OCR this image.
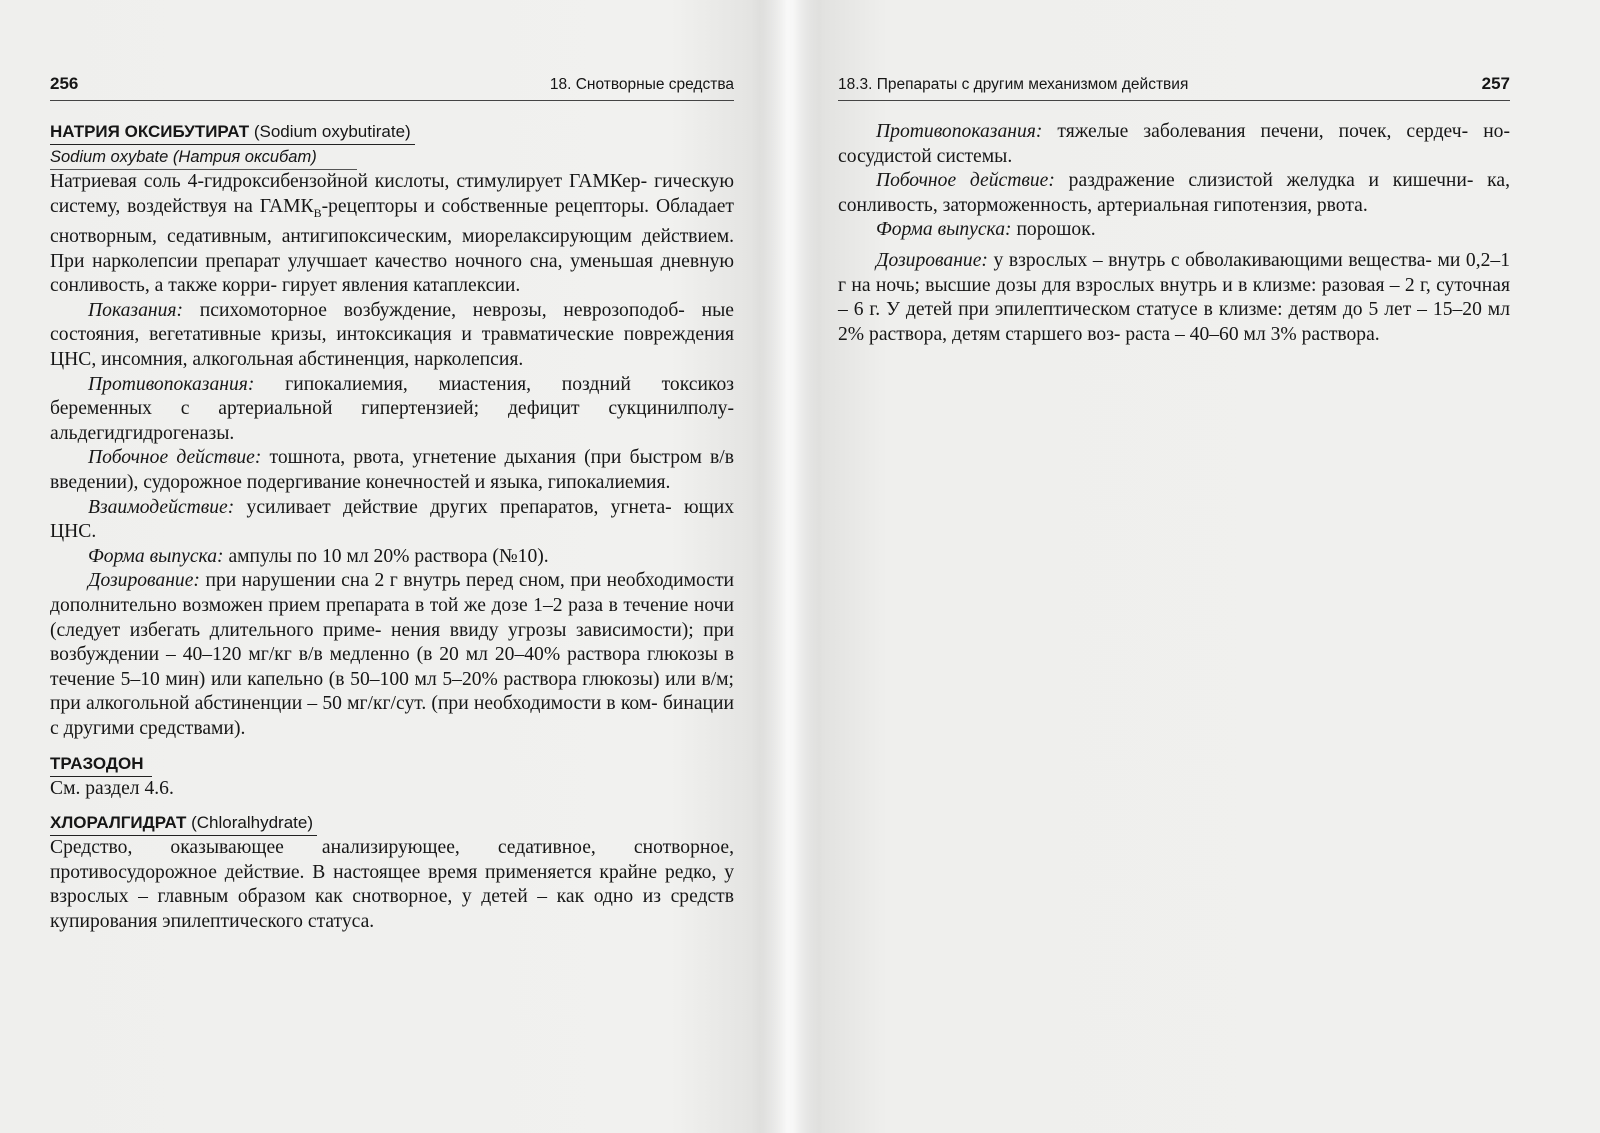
256	18. Снотворные средства

НАТРИЯ ОКСИБУТИРАТ (Sodium oxybutirate)

Sodium oxybate (Натрия оксибат)

Натриевая соль 4-гидроксибензойной кислоты, стимулирует ГАМКер- гическую систему, воздействуя на $ГАМК_B$-рецепторы и собственные рецепторы. Обладает снотворным, седативным, антигипоксическим, миорелаксирующим действием. При нарколепсии препарат улучшает качество ночного сна, уменьшая дневную сонливость, а также корри- гирует явления катаплексии.

Показания: психомоторное возбуждение, неврозы, неврозоподоб- ные состояния, вегетативные кризы, интоксикация и травматические повреждения ЦНС, инсомния, алкогольная абстиненция, нарколепсия.

Противопоказания: гипокалиемия, миастения, поздний токсикоз беременных с артериальной гипертензией; дефицит сукцинилполу- альдегидгидрогеназы.

Побочное действие: тошнота, рвота, угнетение дыхания (при быстром в/в введении), судорожное подергивание конечностей и языка, гипокалиемия.

Взаимодействие: усиливает действие других препаратов, угнета- ющих ЦНС.

Форма выпуска: ампулы по 10 мл 20% раствора (№10).

Дозирование: при нарушении сна 2 г внутрь перед сном, при необходимости дополнительно возможен прием препарата в той же дозе 1–2 раза в течение ночи (следует избегать длительного приме- нения ввиду угрозы зависимости); при возбуждении – 40–120 мг/кг в/в медленно (в 20 мл 20–40% раствора глюкозы в течение 5–10 мин) или капельно (в 50–100 мл 5–20% раствора глюкозы) или в/м; при алкогольной абстиненции – 50 мг/кг/сут. (при необходимости в ком- бинации с другими средствами).

ТРАЗОДОН

См. раздел 4.6.

ХЛОРАЛГИДРАТ (Chloralhydrate)

Средство, оказывающее анализирующее, седативное, снотворное, противосудорожное действие. В настоящее время применяется крайне редко, у взрослых – главным образом как снотворное, у детей – как одно из средств купирования эпилептического статуса.

18.3. Препараты с другим механизмом действия	257

Противопоказания: тяжелые заболевания печени, почек, сердеч- но-сосудистой системы.

Побочное действие: раздражение слизистой желудка и кишечни- ка, сонливость, заторможенность, артериальная гипотензия, рвота.

Форма выпуска: порошок.

Дозирование: у взрослых – внутрь с обволакивающими вещества- ми 0,2–1 г на ночь; высшие дозы для взрослых внутрь и в клизме: разовая – 2 г, суточная – 6 г. У детей при эпилептическом статусе в клизме: детям до 5 лет – 15–20 мл 2% раствора, детям старшего воз- раста – 40–60 мл 3% раствора.
